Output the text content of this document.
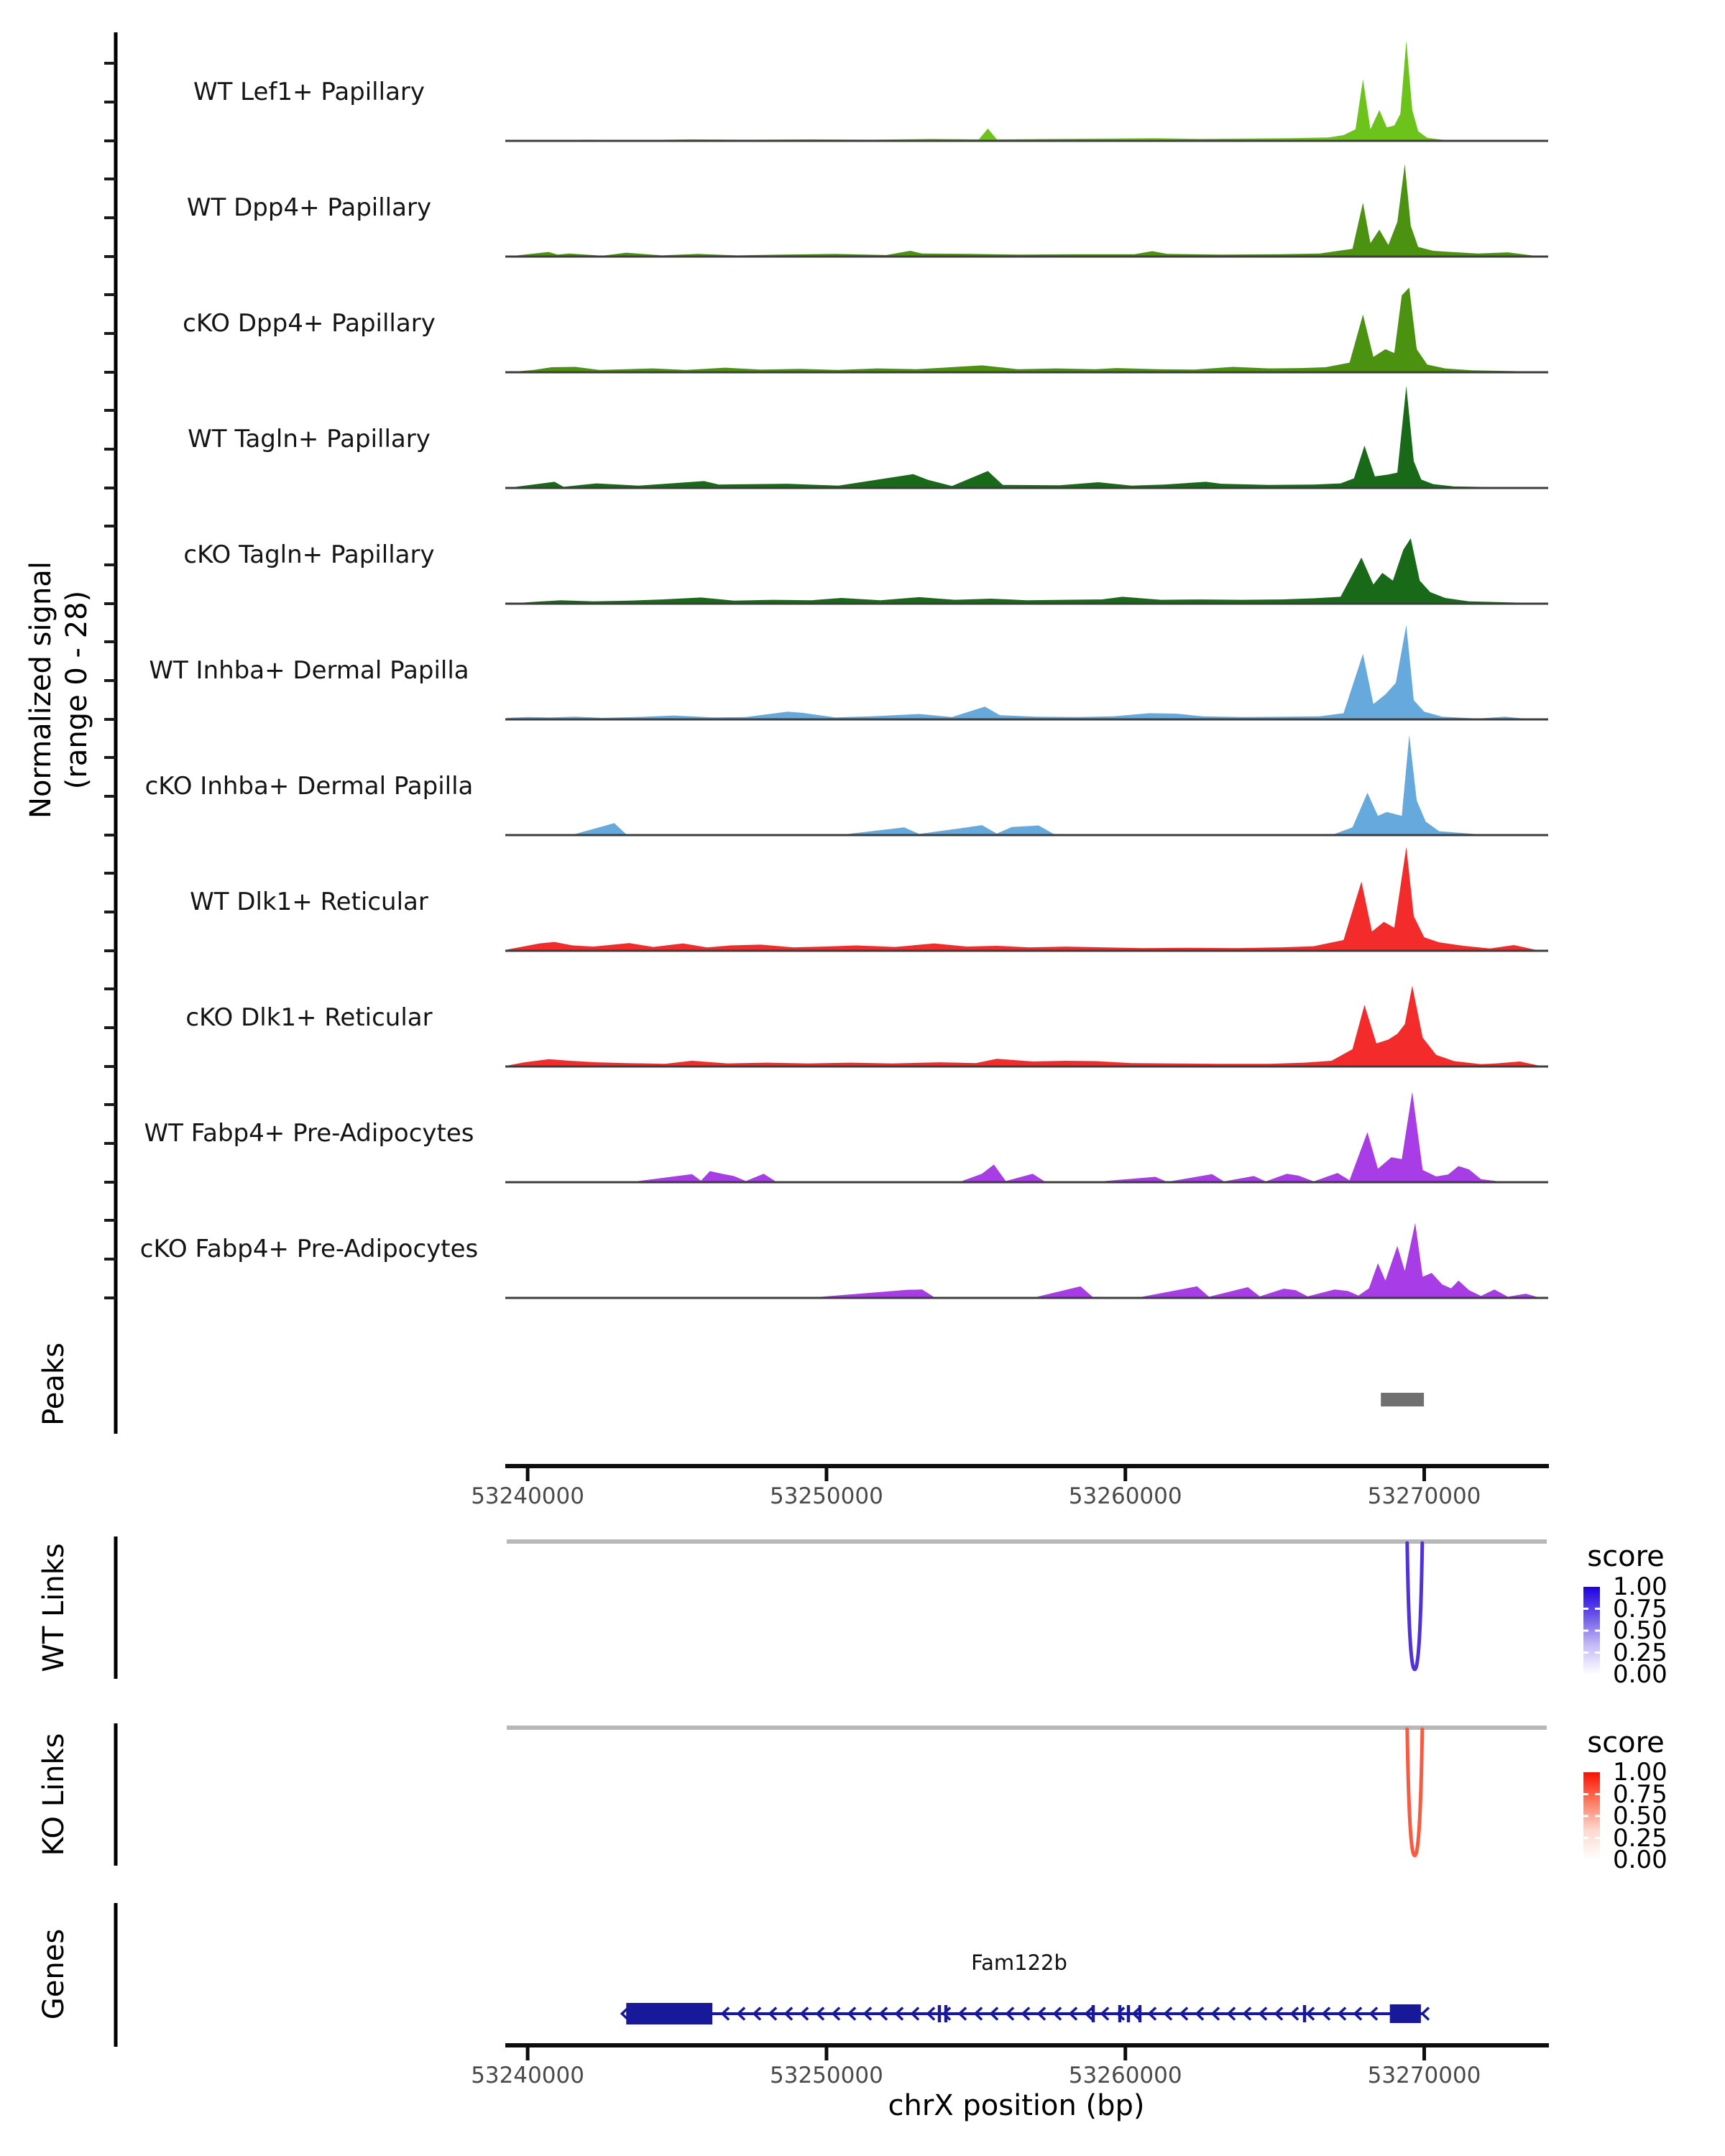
Normalized signal (range 0 - 28)
Peaks
WT Links
KO Links
Genes
score
score
Fam122b
chrX position (bp)
WT Lef1+ Papillary
WT Dpp4+ Papillary
cKO Dpp4+ Papillary
WT Tagln+ Papillary
cKO Tagln+ Papillary
WT Inhba+ Dermal Papilla
cKO Inhba+ Dermal Papilla
WT Dlk1+ Reticular
cKO Dlk1+ Reticular
WT Fabp4+ Pre-Adipocytes
cKO Fabp4+ Pre-Adipocytes
53240000	53250000	53260000	53270000
53240000	53250000	53260000	53270000
1.00
0.75
0.50
0.25
0.00
1.00
0.75
0.50
0.25
0.00
